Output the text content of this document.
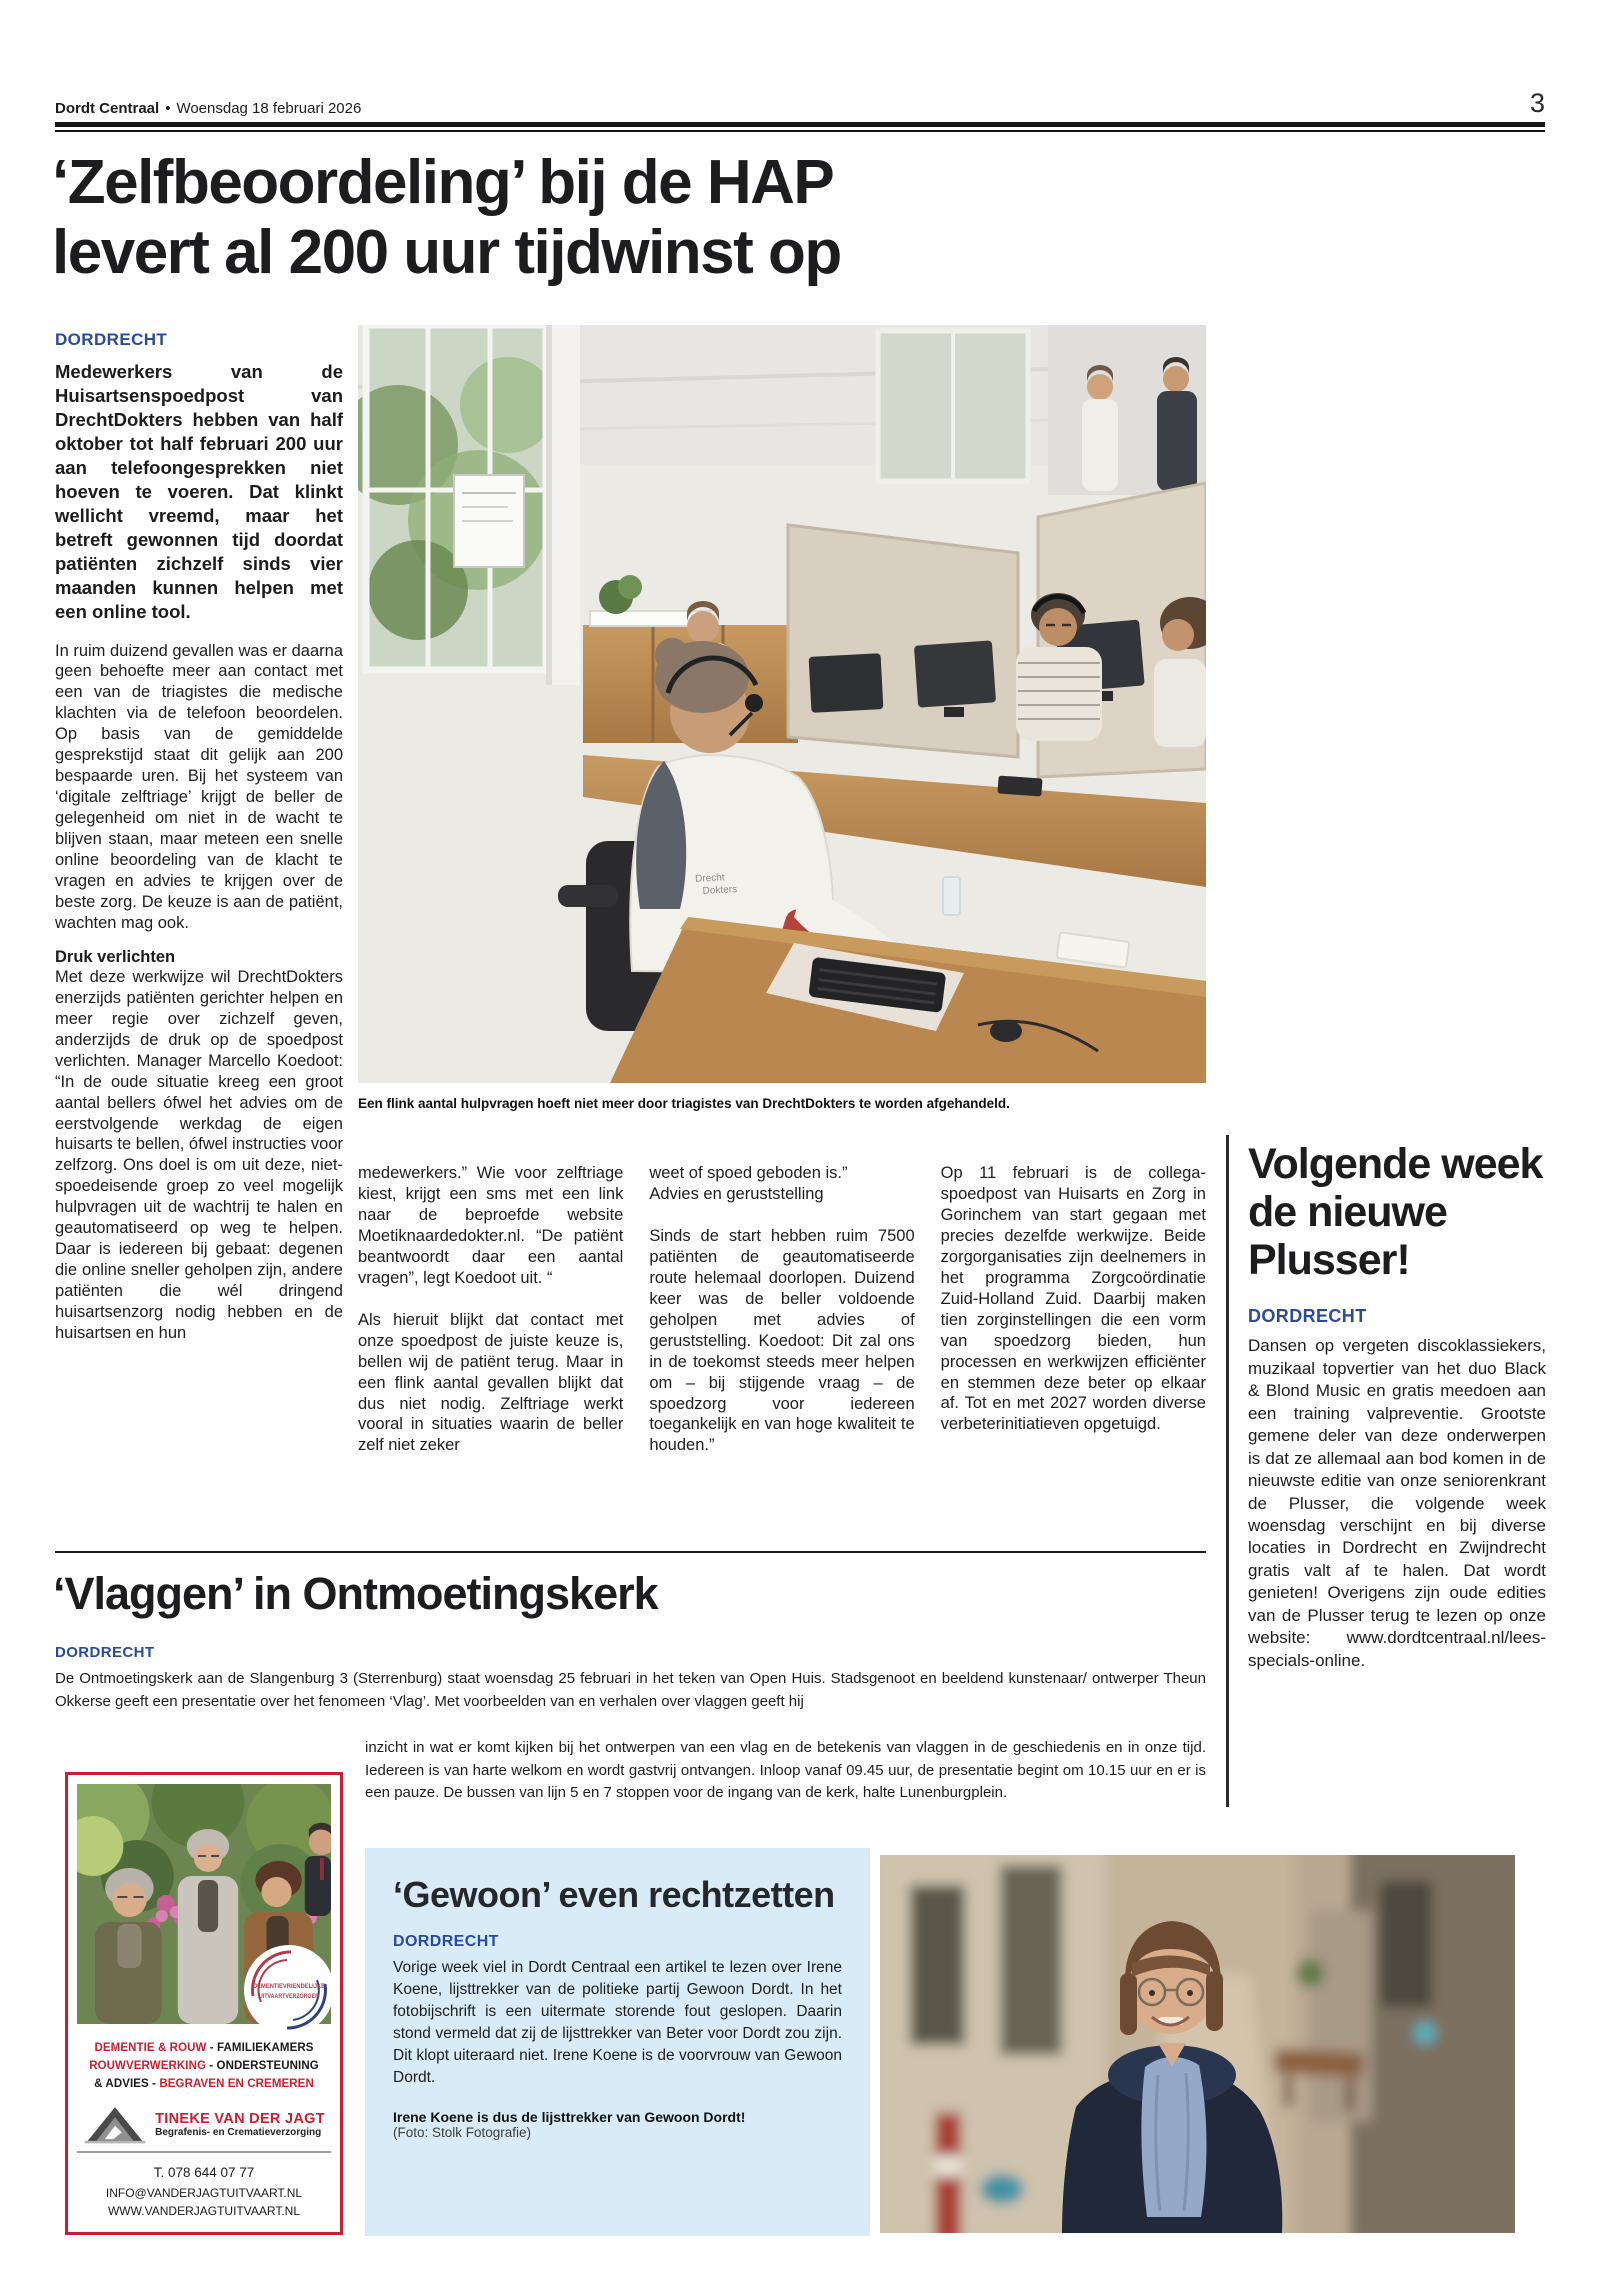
Dordt Centraal • Woensdag 18 februari 2026	3
‘Zelfbeoordeling’ bij de HAP
levert al 200 uur tijdwinst op
DORDRECHT
Medewerkers van de Huisartsenspoedpost van DrechtDokters hebben van half oktober tot half februari 200 uur aan telefoongesprekken niet hoeven te voeren. Dat klinkt wellicht vreemd, maar het betreft gewonnen tijd doordat patiënten zichzelf sinds vier maanden kunnen helpen met een online tool.
In ruim duizend gevallen was er daarna geen behoefte meer aan contact met een van de triagistes die medische klachten via de telefoon beoordelen. Op basis van de gemiddelde gesprekstijd staat dit gelijk aan 200 bespaarde uren. Bij het systeem van ‘digitale zelftriage’ krijgt de beller de gelegenheid om niet in de wacht te blijven staan, maar meteen een snelle online beoordeling van de klacht te vragen en advies te krijgen over de beste zorg. De keuze is aan de patiënt, wachten mag ook.
Druk verlichten
Met deze werkwijze wil DrechtDokters enerzijds patiënten gerichter helpen en meer regie over zichzelf geven, anderzijds de druk op de spoedpost verlichten. Manager Marcello Koedoot: “In de oude situatie kreeg een groot aantal bellers ófwel het advies om de eerstvolgende werkdag de eigen huisarts te bellen, ófwel instructies voor zelfzorg. Ons doel is om uit deze, niet-spoedeisende groep zo veel mogelijk hulpvragen uit de wachtrij te halen en geautomatiseerd op weg te helpen. Daar is iedereen bij gebaat: degenen die online sneller geholpen zijn, andere patiënten die wél dringend huisartsenzorg nodig hebben en de huisartsen en hun
Drecht
Dokters
Een flink aantal hulpvragen hoeft niet meer door triagistes van DrechtDokters te worden afgehandeld.
medewerkers.” Wie voor zelftriage kiest, krijgt een sms met een link naar de beproefde website Moetiknaardedokter.nl. “De patiënt beantwoordt daar een aantal vragen”, legt Koedoot uit. “
Als hieruit blijkt dat contact met onze spoedpost de juiste keuze is, bellen wij de patiënt terug. Maar in een flink aantal gevallen blijkt dat dus niet nodig. Zelftriage werkt vooral in situaties waarin de beller zelf niet zeker
weet of spoed geboden is.”
Advies en geruststelling
Sinds de start hebben ruim 7500 patiënten de geautomatiseerde route helemaal doorlopen. Duizend keer was de beller voldoende geholpen met advies of geruststelling. Koedoot: Dit zal ons in de toekomst steeds meer helpen om – bij stijgende vraag – de spoedzorg voor iedereen toegankelijk en van hoge kwaliteit te houden.”
Op 11 februari is de collega-spoedpost van Huisarts en Zorg in Gorinchem van start gegaan met precies dezelfde werkwijze. Beide zorgorganisaties zijn deelnemers in het programma Zorgcoördinatie Zuid-Holland Zuid. Daarbij maken tien zorginstellingen die een vorm van spoedzorg bieden, hun processen en werkwijzen efficiënter en stemmen deze beter op elkaar af. Tot en met 2027 worden diverse verbeterinitiatieven opgetuigd.
Volgende week de nieuwe Plusser!
DORDRECHT
Dansen op vergeten discoklassiekers, muzikaal topvertier van het duo Black & Blond Music en gratis meedoen aan een training valpreventie. Grootste gemene deler van deze onderwerpen is dat ze allemaal aan bod komen in de nieuwste editie van onze seniorenkrant de Plusser, die volgende week woensdag verschijnt en bij diverse locaties in Dordrecht en Zwijndrecht gratis valt af te halen. Dat wordt genieten! Overigens zijn oude edities van de Plusser terug te lezen op onze website: www.dordtcentraal.nl/lees-specials-online.
‘Vlaggen’ in Ontmoetingskerk
DORDRECHT
De Ontmoetingskerk aan de Slangenburg 3 (Sterrenburg) staat woensdag 25 februari in het teken van Open Huis. Stadsgenoot en beeldend kunstenaar/ ontwerper Theun Okkerse geeft een presentatie over het fenomeen ‘Vlag’. Met voorbeelden van en verhalen over vlaggen geeft hij
inzicht in wat er komt kijken bij het ontwerpen van een vlag en de betekenis van vlaggen in de geschiedenis en in onze tijd. Iedereen is van harte welkom en wordt gastvrij ontvangen. Inloop vanaf 09.45 uur, de presentatie begint om 10.15 uur en er is een pauze. De bussen van lijn 5 en 7 stoppen voor de ingang van de kerk, halte Lunenburgplein.
DEMENTIEVRIENDELIJKE
UITVAARTVERZORGER
DEMENTIE & ROUW - FAMILIEKAMERS
ROUWVERWERKING - ONDERSTEUNING
& ADVIES - BEGRAVEN EN CREMEREN
TINEKE VAN DER JAGT
Begrafenis- en Crematieverzorging
T. 078 644 07 77
INFO@VANDERJAGTUITVAART.NL
WWW.VANDERJAGTUITVAART.NL
‘Gewoon’ even rechtzetten
DORDRECHT
Vorige week viel in Dordt Centraal een artikel te lezen over Irene Koene, lijsttrekker van de politieke partij Gewoon Dordt. In het fotobijschrift is een uitermate storende fout geslopen. Daarin stond vermeld dat zij de lijsttrekker van Beter voor Dordt zou zijn. Dit klopt uiteraard niet. Irene Koene is de voorvrouw van Gewoon Dordt.
Irene Koene is dus de lijsttrekker van Gewoon Dordt!
(Foto: Stolk Fotografie)
